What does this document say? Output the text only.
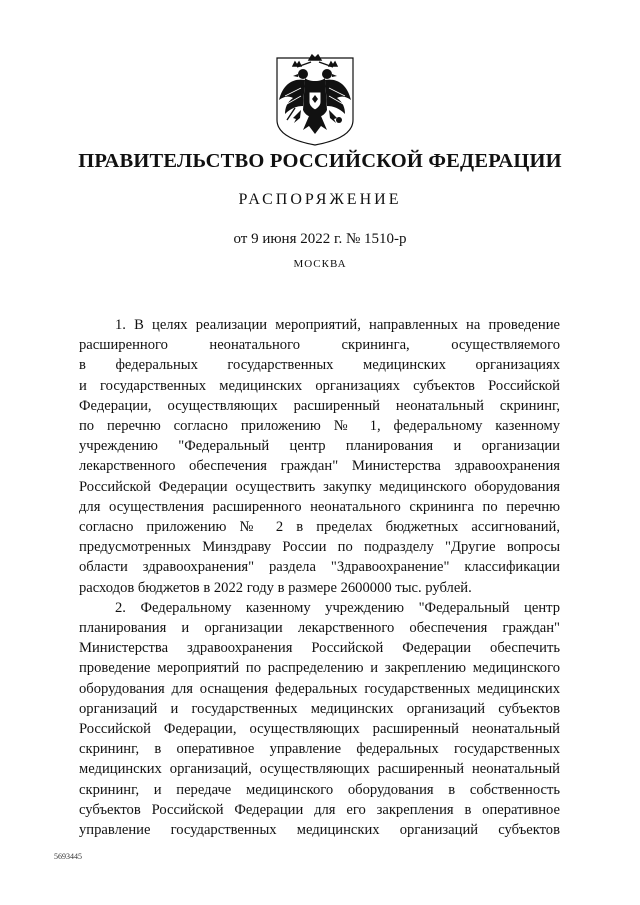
ПРАВИТЕЛЬСТВО РОССИЙСКОЙ ФЕДЕРАЦИИ
РАСПОРЯЖЕНИЕ
от 9 июня 2022 г. № 1510-р
МОСКВА
1. В целях реализации мероприятий, направленных на проведение
расширенного неонатального скрининга, осуществляемого
в федеральных государственных медицинских организациях
и государственных медицинских организациях субъектов Российской
Федерации, осуществляющих расширенный неонатальный скрининг,
по перечню согласно приложению № 1, федеральному казенному
учреждению "Федеральный центр планирования и организации
лекарственного обеспечения граждан" Министерства здравоохранения
Российской Федерации осуществить закупку медицинского оборудования
для осуществления расширенного неонатального скрининга по перечню
согласно приложению № 2 в пределах бюджетных ассигнований,
предусмотренных Минздраву России по подразделу "Другие вопросы
области здравоохранения" раздела "Здравоохранение" классификации
расходов бюджетов в 2022 году в размере 2600000 тыс. рублей.
2. Федеральному казенному учреждению "Федеральный центр
планирования и организации лекарственного обеспечения граждан"
Министерства здравоохранения Российской Федерации обеспечить
проведение мероприятий по распределению и закреплению медицинского
оборудования для оснащения федеральных государственных медицинских
организаций и государственных медицинских организаций субъектов
Российской Федерации, осуществляющих расширенный неонатальный
скрининг, в оперативное управление федеральных государственных
медицинских организаций, осуществляющих расширенный неонатальный
скрининг, и передаче медицинского оборудования в собственность
субъектов Российской Федерации для его закрепления в оперативное
управление государственных медицинских организаций субъектов
5693445
